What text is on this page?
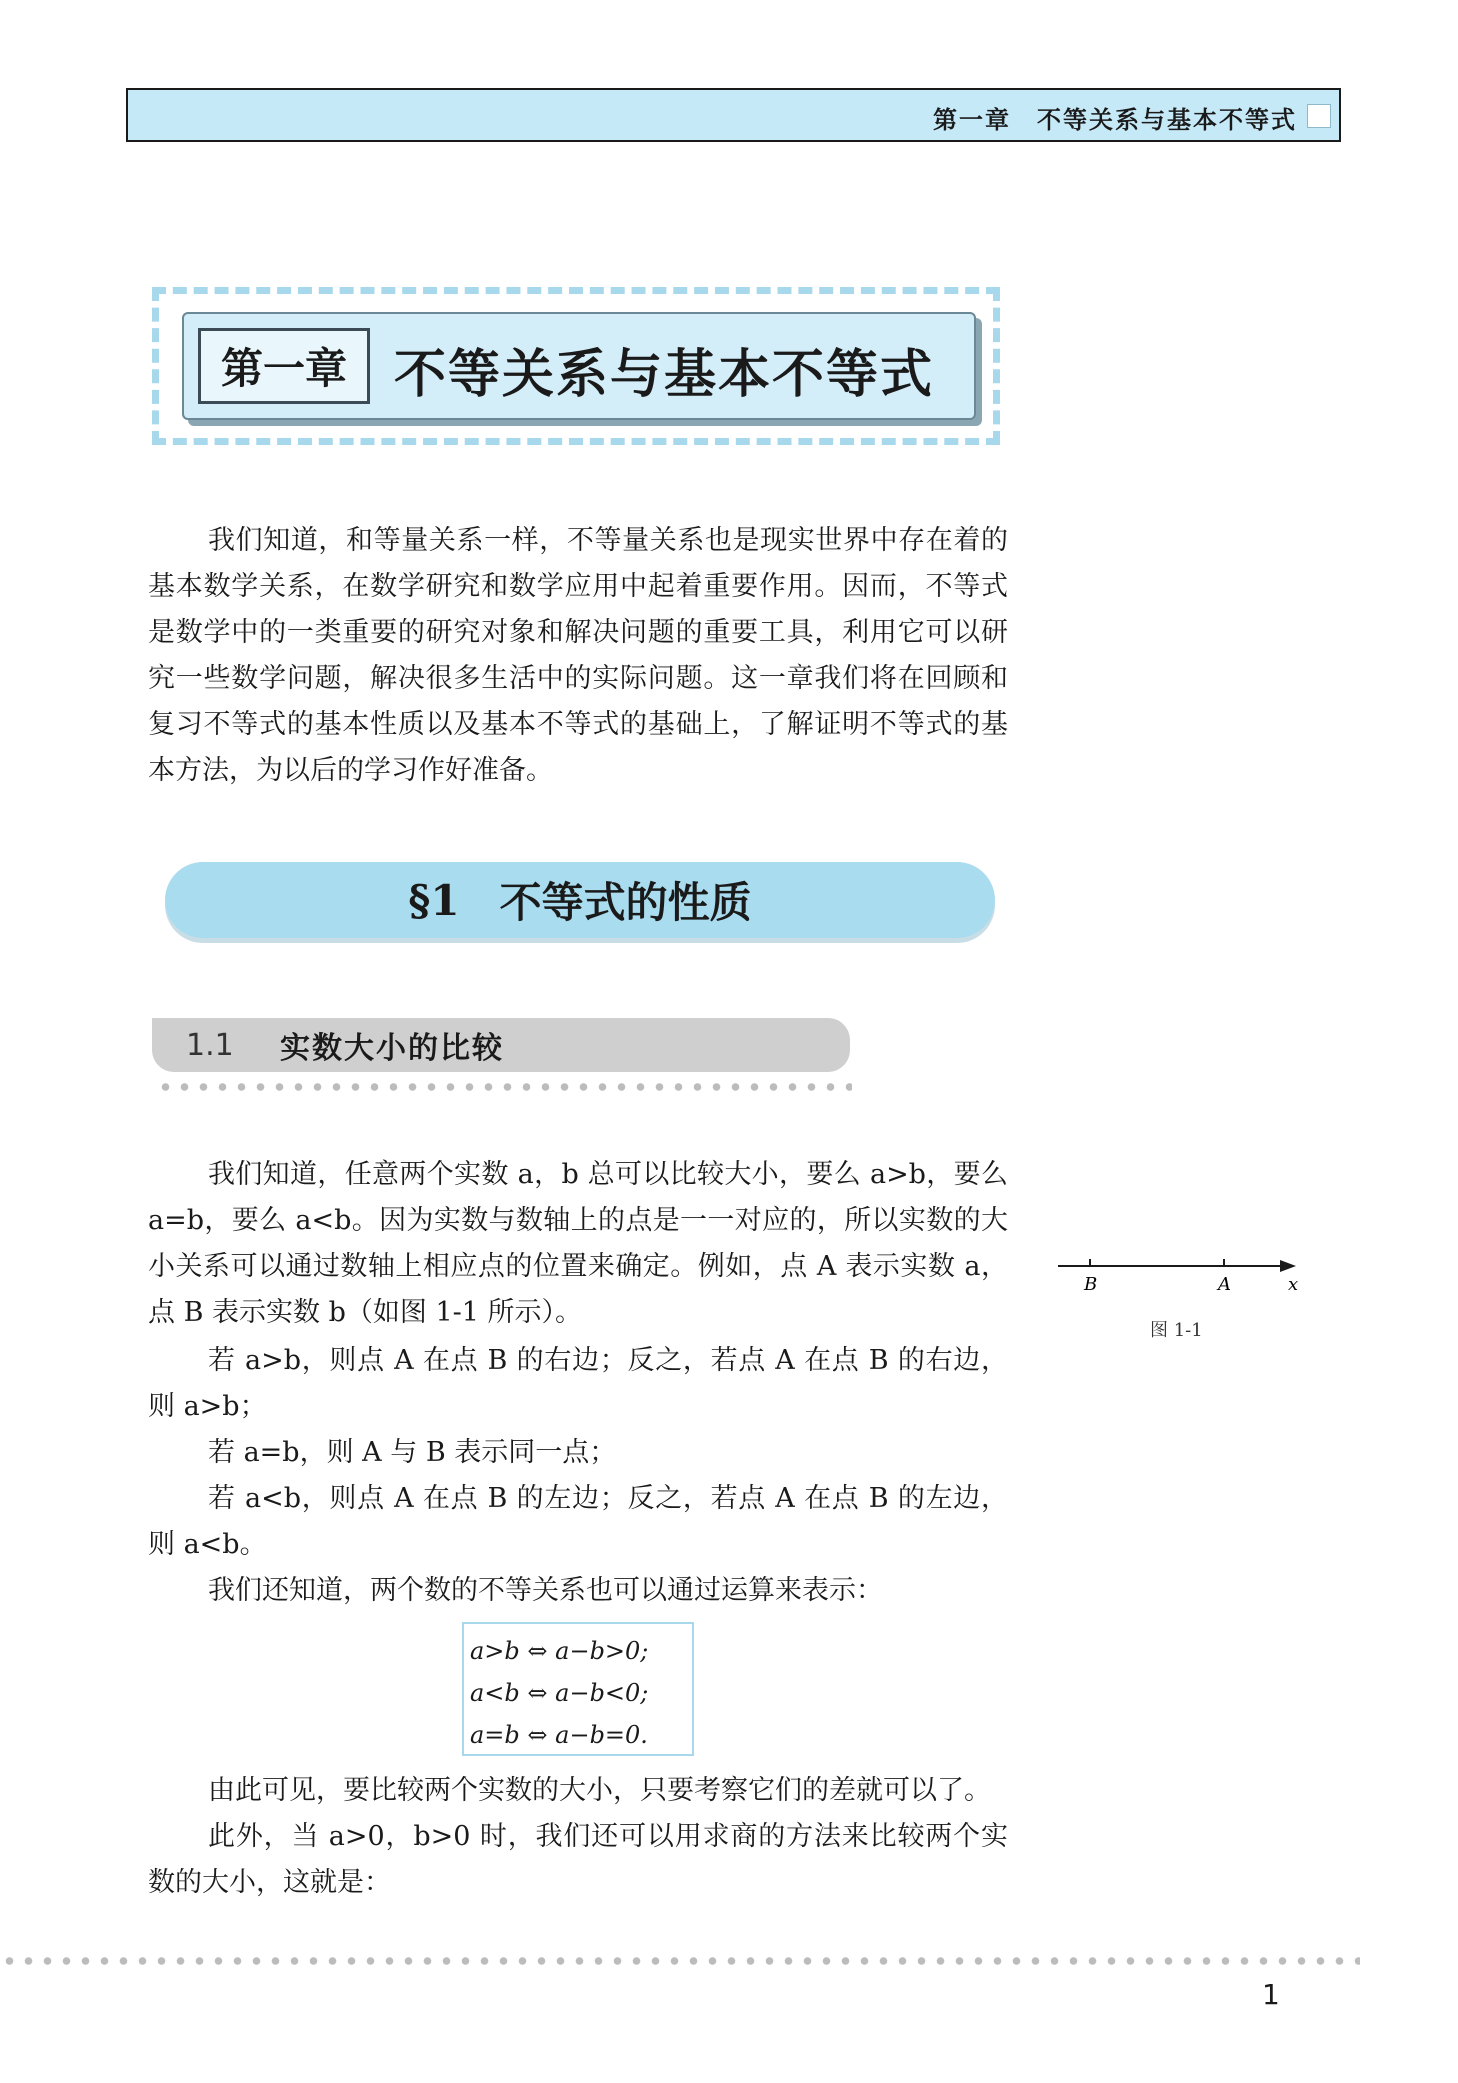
第一章　不等关系与基本不等式
第一章 不等关系与基本不等式

我们知道，和等量关系一样，不等量关系也是现实世界中存在着的基本数学关系，在数学研究和数学应用中起着重要作用。因而，不等式是数学中的一类重要的研究对象和解决问题的重要工具，利用它可以研究一些数学问题，解决很多生活中的实际问题。这一章我们将在回顾和复习不等式的基本性质以及基本不等式的基础上，了解证明不等式的基本方法，为以后的学习作好准备。

§1 不等式的性质
1.1	实数大小的比较

我们知道，任意两个实数 a，b 总可以比较大小，要么 a>b，要么 a=b，要么 a<b。因为实数与数轴上的点是一一对应的，所以实数的大小关系可以通过数轴上相应点的位置来确定。例如，点 A 表示实数 a，点 B 表示实数 b（如图 1-1 所示）。

若 a>b，则点 A 在点 B 的右边；反之，若点 A 在点 B 的右边，则 a>b；

若 a=b，则 A 与 B 表示同一点；

若 a<b，则点 A 在点 B 的左边；反之，若点 A 在点 B 的左边，则 a<b。

我们还知道，两个数的不等关系也可以通过运算来表示：

a>b ⇔ a−b>0;
a<b ⇔ a−b<0;
a=b ⇔ a−b=0.

由此可见，要比较两个实数的大小，只要考察它们的差就可以了。

此外，当 a>0，b>0 时，我们还可以用求商的方法来比较两个实数的大小，这就是：

B	A	x
图 1-1
1
